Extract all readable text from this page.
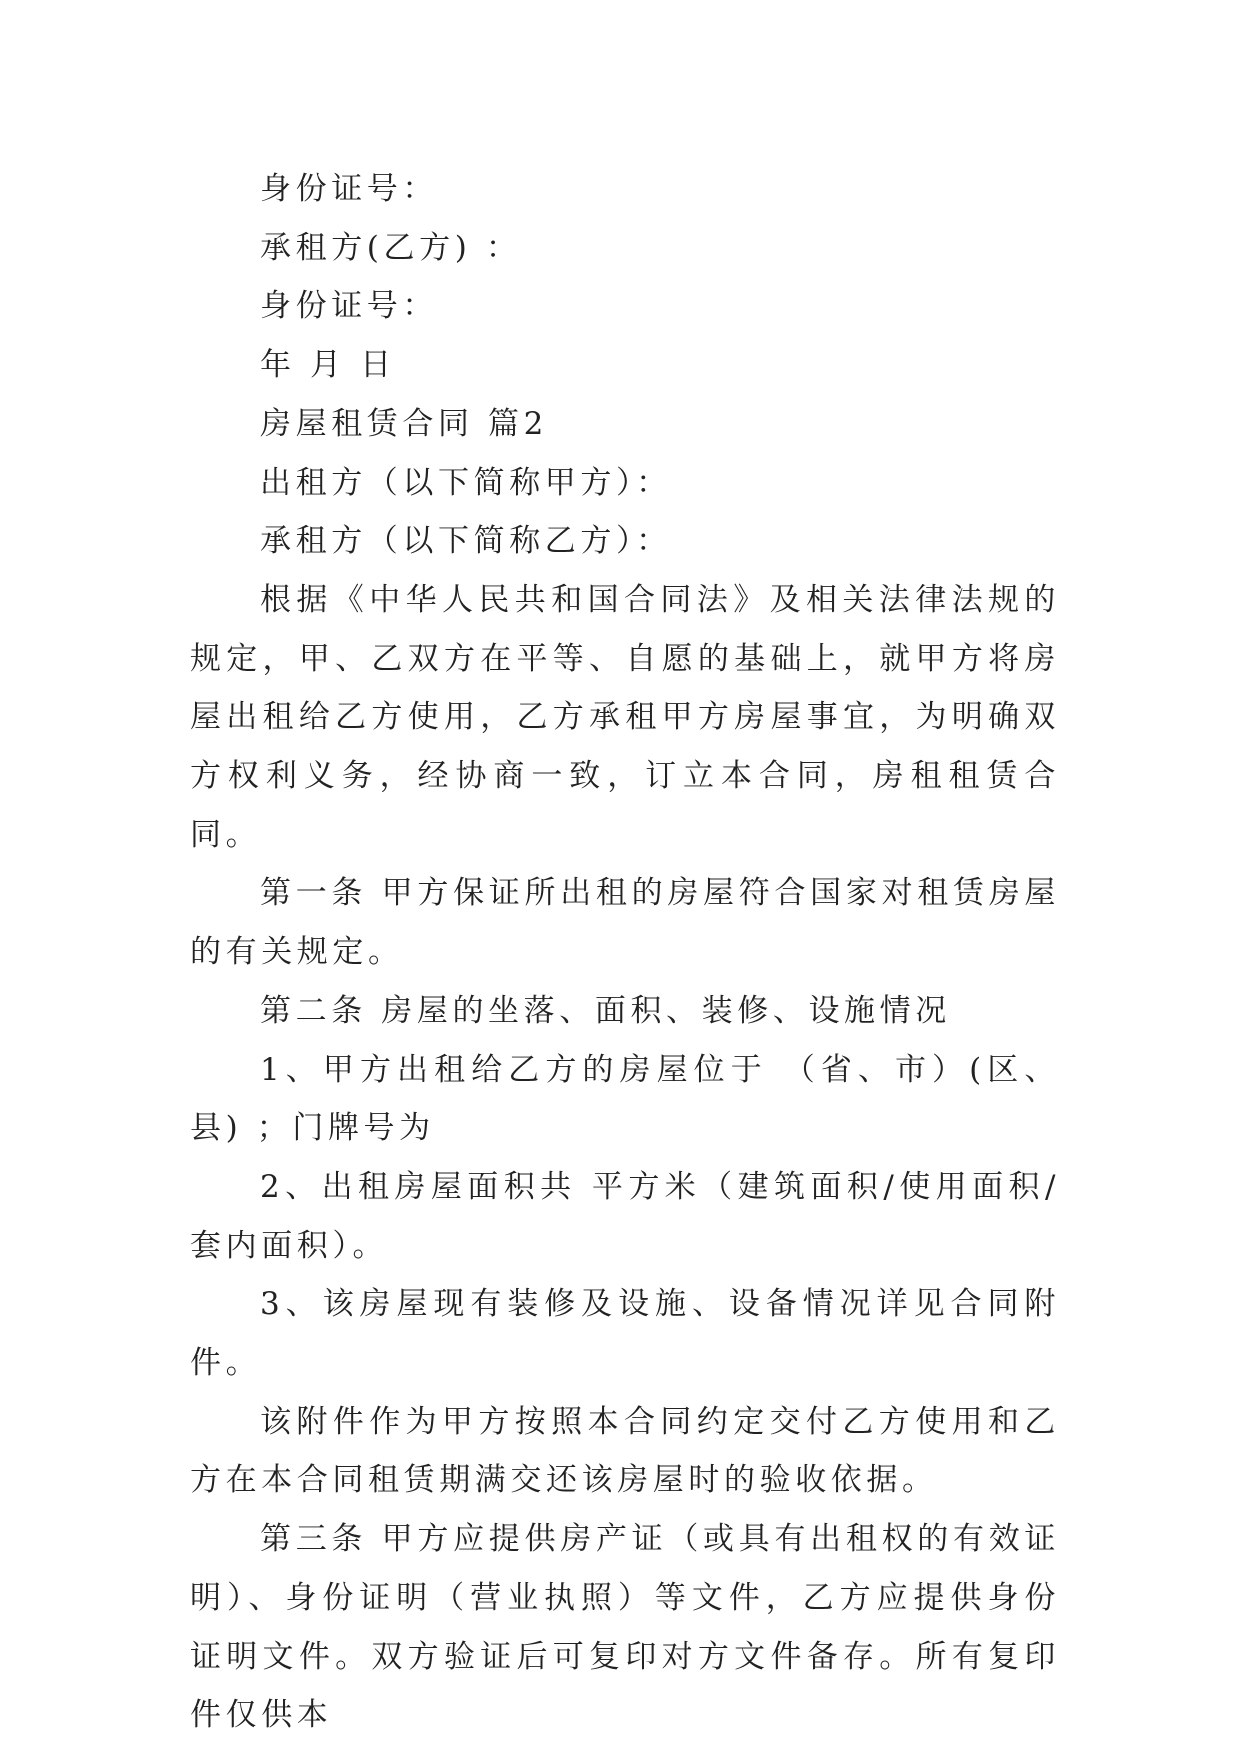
身份证号：

承租方(乙方) ：

身份证号：

年 月 日

房屋租赁合同 篇2

出租方（以下简称甲方）：

承租方（以下简称乙方）：

根据《中华人民共和国合同法》及相关法律法规的规定，甲、乙双方在平等、自愿的基础上，就甲方将房屋出租给乙方使用，乙方承租甲方房屋事宜，为明确双方权利义务，经协商一致，订立本合同，房租租赁合同。

第一条 甲方保证所出租的房屋符合国家对租赁房屋的有关规定。

第二条 房屋的坐落、面积、装修、设施情况

1、甲方出租给乙方的房屋位于 （省、市）(区、县) ；门牌号为

2、出租房屋面积共 平方米（建筑面积/使用面积/套内面积）。

3、该房屋现有装修及设施、设备情况详见合同附件。

该附件作为甲方按照本合同约定交付乙方使用和乙方在本合同租赁期满交还该房屋时的验收依据。

第三条 甲方应提供房产证（或具有出租权的有效证明）、身份证明（营业执照）等文件，乙方应提供身份证明文件。双方验证后可复印对方文件备存。所有复印件仅供本
